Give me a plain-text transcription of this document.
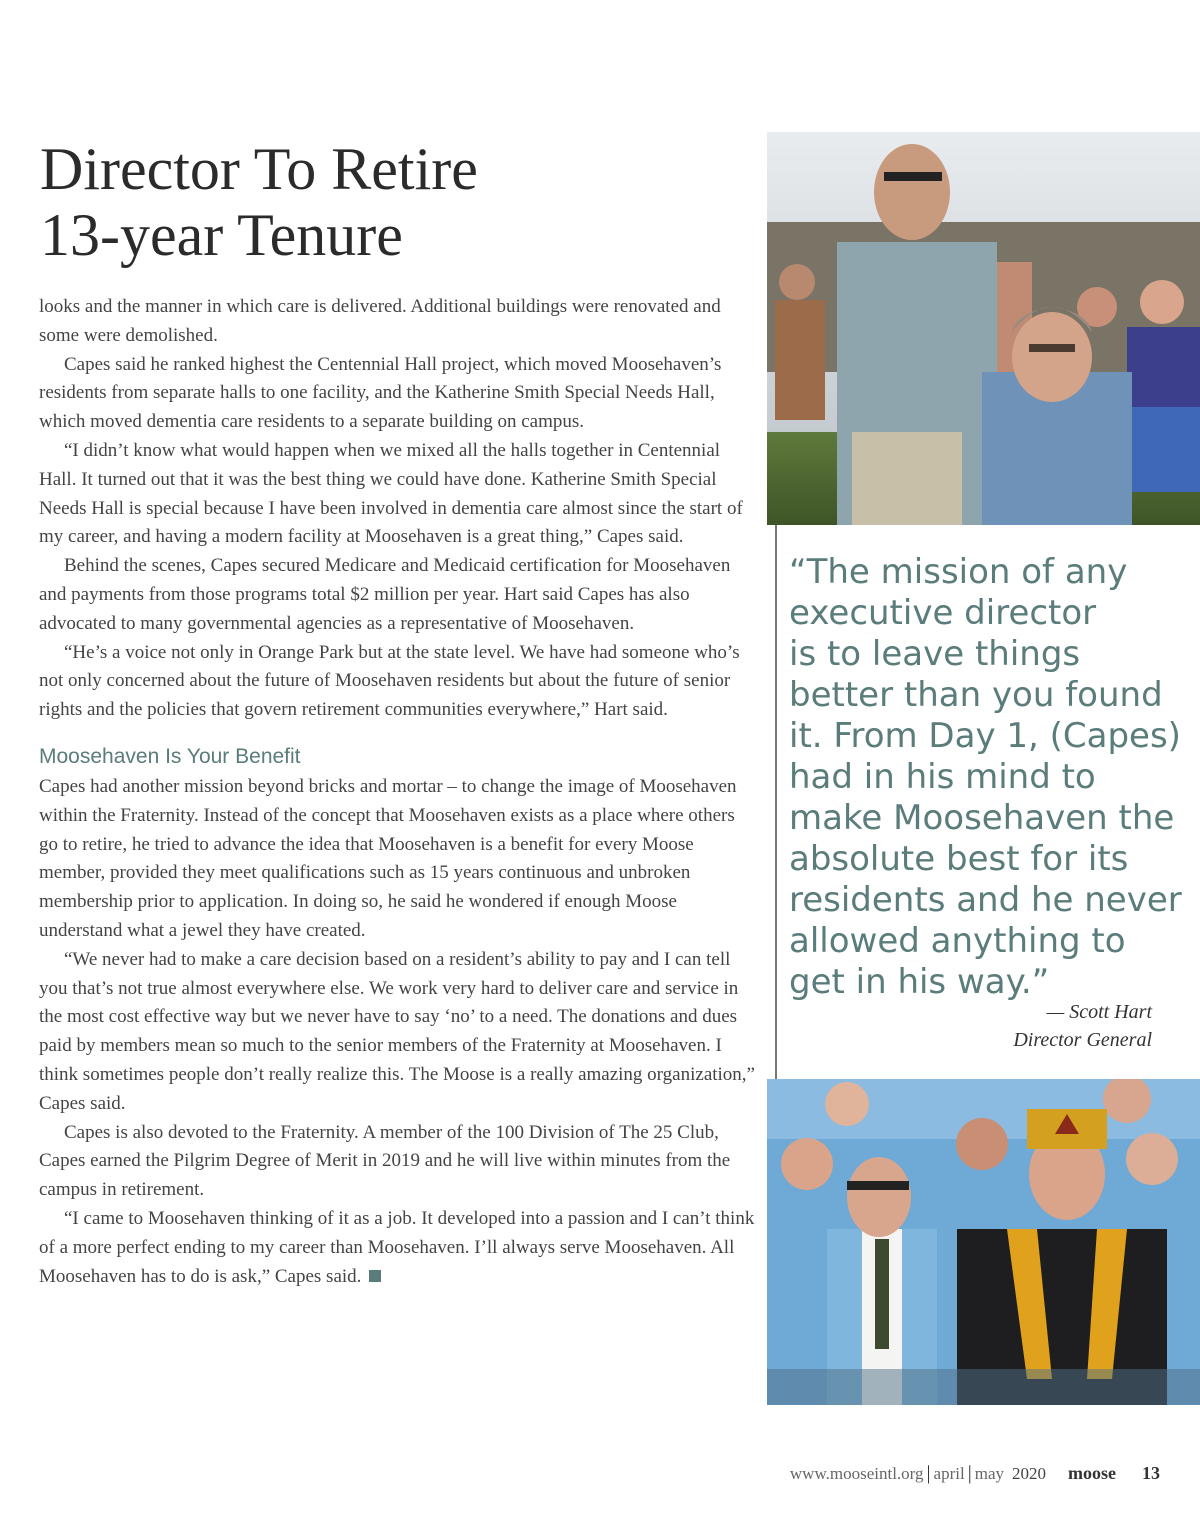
Director To Retire
13-year Tenure

looks and the manner in which care is delivered. Additional buildings were renovated and some were demolished.

Capes said he ranked highest the Centennial Hall project, which moved Moosehaven’s residents from separate halls to one facility, and the Katherine Smith Special Needs Hall, which moved dementia care residents to a separate building on campus.

“I didn’t know what would happen when we mixed all the halls together in Centennial Hall. It turned out that it was the best thing we could have done. Katherine Smith Special Needs Hall is special because I have been involved in dementia care almost since the start of my career, and having a modern facility at Moosehaven is a great thing,” Capes said.

Behind the scenes, Capes secured Medicare and Medicaid certification for Moosehaven and payments from those programs total $2 million per year. Hart said Capes has also advocated to many governmental agencies as a representative of Moosehaven.

“He’s a voice not only in Orange Park but at the state level. We have had someone who’s not only concerned about the future of Moosehaven residents but about the future of senior rights and the policies that govern retirement communities everywhere,” Hart said.

Moosehaven Is Your Benefit

Capes had another mission beyond bricks and mortar – to change the image of Moosehaven within the Fraternity. Instead of the concept that Moosehaven exists as a place where others go to retire, he tried to advance the idea that Moosehaven is a benefit for every Moose member, provided they meet qualifications such as 15 years continuous and unbroken membership prior to application. In doing so, he said he wondered if enough Moose understand what a jewel they have created.

“We never had to make a care decision based on a resident’s ability to pay and I can tell you that’s not true almost everywhere else. We work very hard to deliver care and service in the most cost effective way but we never have to say ‘no’ to a need. The donations and dues paid by members mean so much to the senior members of the Fraternity at Moosehaven. I think sometimes people don’t really realize this. The Moose is a really amazing organization,” Capes said.

Capes is also devoted to the Fraternity. A member of the 100 Division of The 25 Club, Capes earned the Pilgrim Degree of Merit in 2019 and he will live within minutes from the campus in retirement.

“I came to Moosehaven thinking of it as a job. It developed into a passion and I can’t think of a more perfect ending to my career than Moosehaven. I’ll always serve Moosehaven. All Moosehaven has to do is ask,” Capes said.

“The mission of any
executive director
is to leave things
better than you found
it. From Day 1, (Capes)
had in his mind to
make Moosehaven the
absolute best for its
residents and he never
allowed anything to
get in his way.”
— Scott Hart
Director General
www.mooseintl.org | april | may 2020 moose 13
